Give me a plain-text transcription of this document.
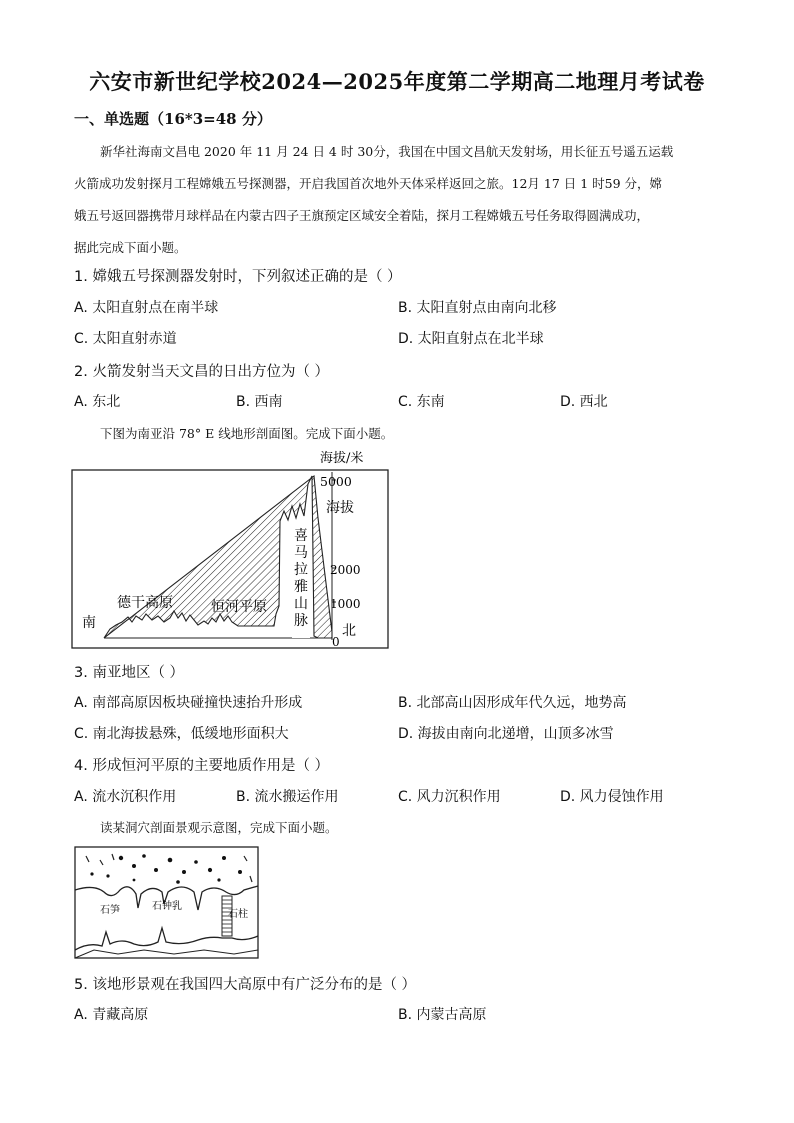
六安市新世纪学校2024—2025年度第二学期高二地理月考试卷
一、单选题（16*3=48 分）
新华社海南文昌电 2020 年 11 月 24 日 4 时 30分，我国在中国文昌航天发射场，用长征五号遥五运载
火箭成功发射探月工程嫦娥五号探测器，开启我国首次地外天体采样返回之旅。12月 17 日 1 时59 分，嫦
娥五号返回器携带月球样品在内蒙古四子王旗预定区域安全着陆，探月工程嫦娥五号任务取得圆满成功，
据此完成下面小题。
1. 嫦娥五号探测器发射时，下列叙述正确的是（ ）
A. 太阳直射点在南半球	B. 太阳直射点由南向北移
C. 太阳直射赤道	D. 太阳直射点在北半球
2. 火箭发射当天文昌的日出方位为（ ）
A. 东北	B. 西南	C. 东南	D. 西北
下图为南亚沿 78° E 线地形剖面图。完成下面小题。
海拔/米
5000
海拔
2000
1000
0
德干高原	恒河平原
南	北
喜
马
拉
雅
山
脉
3. 南亚地区（ ）
A. 南部高原因板块碰撞快速抬升形成	B. 北部高山因形成年代久远，地势高
C. 南北海拔悬殊，低缓地形面积大	D. 海拔由南向北递增，山顶多冰雪
4. 形成恒河平原的主要地质作用是（ ）
A. 流水沉积作用	B. 流水搬运作用	C. 风力沉积作用	D. 风力侵蚀作用
读某洞穴剖面景观示意图，完成下面小题。
石笋	石钟乳
石柱
5. 该地形景观在我国四大高原中有广泛分布的是（ ）
A. 青藏高原	B. 内蒙古高原
